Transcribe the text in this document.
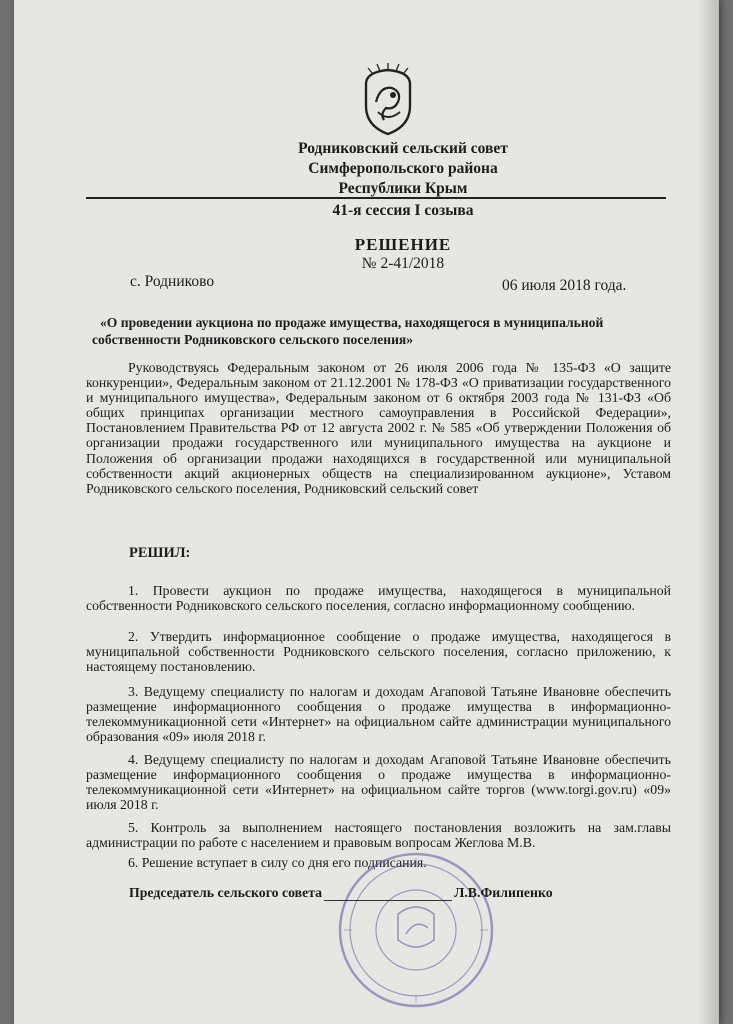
Родниковский сельский совет
Симферопольского района
Республики Крым
41-я сессия I созыва
РЕШЕНИЕ
№ 2-41/2018
с. Родниково	06 июля 2018 года.
«О проведении аукциона по продаже имущества, находящегося в муниципальной собственности Родниковского сельского поселения»
Руководствуясь Федеральным законом от 26 июля 2006 года № 135-ФЗ «О защите конкуренции», Федеральным законом от 21.12.2001 № 178-ФЗ «О приватизации государственного и муниципального имущества», Федеральным законом от 6 октября 2003 года № 131-ФЗ «Об общих принципах организации местного самоуправления в Российской Федерации», Постановлением Правительства РФ от 12 августа 2002 г. № 585 «Об утверждении Положения об организации продажи государственного или муниципального имущества на аукционе и Положения об организации продажи находящихся в государственной или муниципальной собственности акций акционерных обществ на специализированном аукционе», Уставом Родниковского сельского поселения, Родниковский сельский совет
РЕШИЛ:
1. Провести аукцион по продаже имущества, находящегося в муниципальной собственности Родниковского сельского поселения, согласно информационному сообщению.
2. Утвердить информационное сообщение о продаже имущества, находящегося в муниципальной собственности Родниковского сельского поселения, согласно приложению, к настоящему постановлению.
3. Ведущему специалисту по налогам и доходам Агаповой Татьяне Ивановне обеспечить размещение информационного сообщения о продаже имущества в информационно-телекоммуникационной сети «Интернет» на официальном сайте администрации муниципального образования «09» июля 2018 г.
4. Ведущему специалисту по налогам и доходам Агаповой Татьяне Ивановне обеспечить размещение информационного сообщения о продаже имущества в информационно-телекоммуникационной сети «Интернет» на официальном сайте торгов (www.torgi.gov.ru) «09» июля 2018 г.
5. Контроль за выполнением настоящего постановления возложить на зам.главы администрации по работе с населением и правовым вопросам Жеглова М.В.
6. Решение вступает в силу со дня его подписания.
Председатель сельского совета	Л.В.Филипенко
